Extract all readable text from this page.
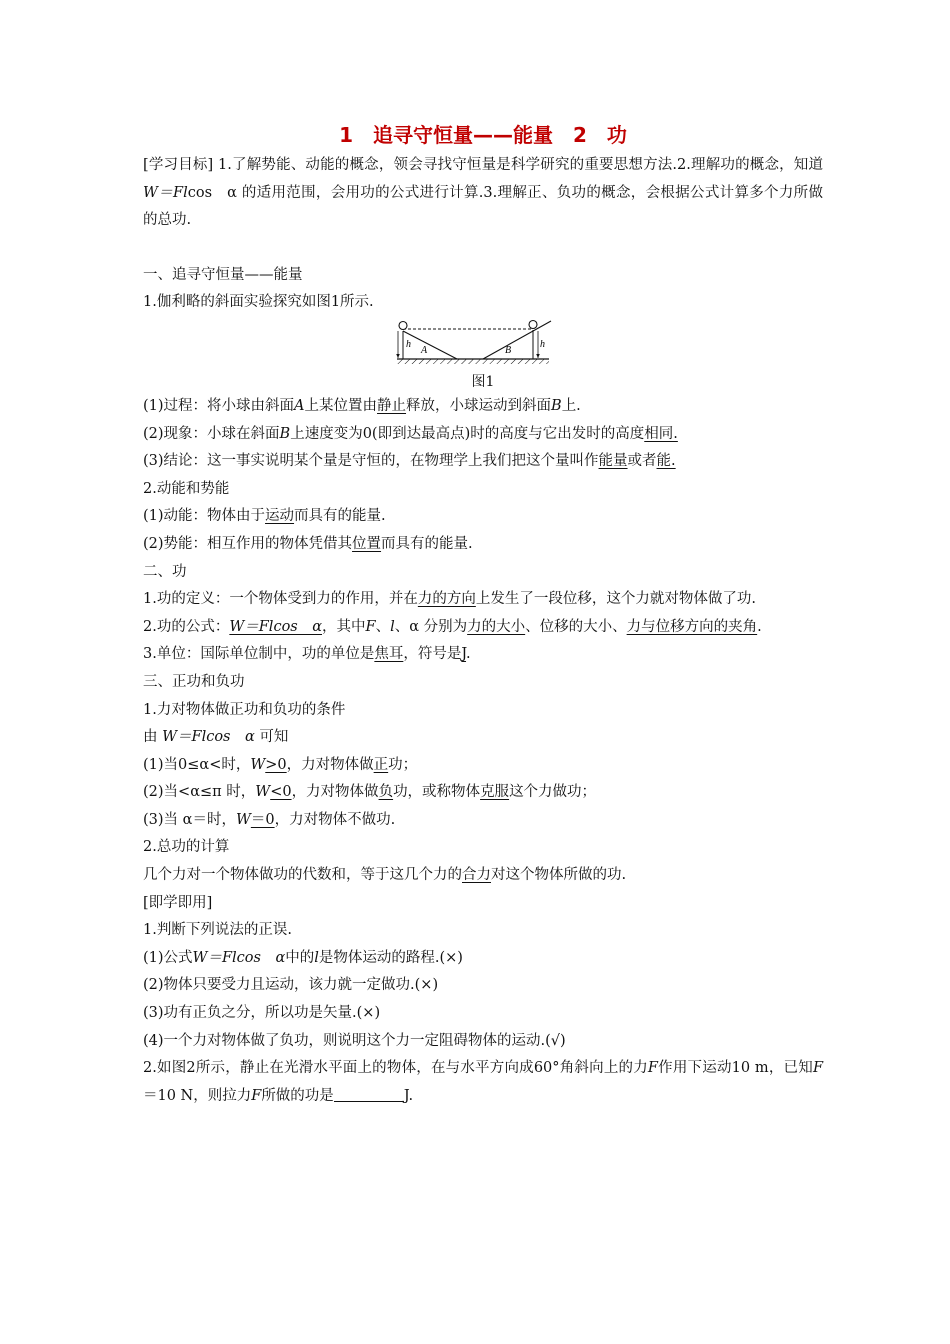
1　追寻守恒量——能量　2　功
[学习目标] 1.了解势能、动能的概念，领会寻找守恒量是科学研究的重要思想方法.2.理解功的概念，知道W＝Flcos　α 的适用范围，会用功的公式进行计算.3.理解正、负功的概念，会根据公式计算多个力所做的总功.
一、追寻守恒量——能量
1.伽利略的斜面实验探究如图1所示.
h	h
A	B
图1
(1)过程：将小球由斜面A上某位置由静止释放，小球运动到斜面B上.
(2)现象：小球在斜面B上速度变为0(即到达最高点)时的高度与它出发时的高度相同.
(3)结论：这一事实说明某个量是守恒的，在物理学上我们把这个量叫作能量或者能.
2.动能和势能
(1)动能：物体由于运动而具有的能量.
(2)势能：相互作用的物体凭借其位置而具有的能量.
二、功
1.功的定义：一个物体受到力的作用，并在力的方向上发生了一段位移，这个力就对物体做了功.
2.功的公式：W＝Flcos　α，其中F、l、α 分别为力的大小、位移的大小、力与位移方向的夹角.
3.单位：国际单位制中，功的单位是焦耳，符号是J.
三、正功和负功
1.力对物体做正功和负功的条件
由 W＝Flcos　α 可知
(1)当0≤α<时，W>0，力对物体做正功；
(2)当<α≤π 时，W<0，力对物体做负功，或称物体克服这个力做功；
(3)当 α＝时，W＝0，力对物体不做功.
2.总功的计算
几个力对一个物体做功的代数和，等于这几个力的合力对这个物体所做的功.
[即学即用]
1.判断下列说法的正误.
(1)公式W＝Flcos　α中的l是物体运动的路程.(×)
(2)物体只要受力且运动，该力就一定做功.(×)
(3)功有正负之分，所以功是矢量.(×)
(4)一个力对物体做了负功，则说明这个力一定阻碍物体的运动.(√)
2.如图2所示，静止在光滑水平面上的物体，在与水平方向成60°角斜向上的力F作用下运动10 m，已知F＝10 N，则拉力F所做的功是	J.
